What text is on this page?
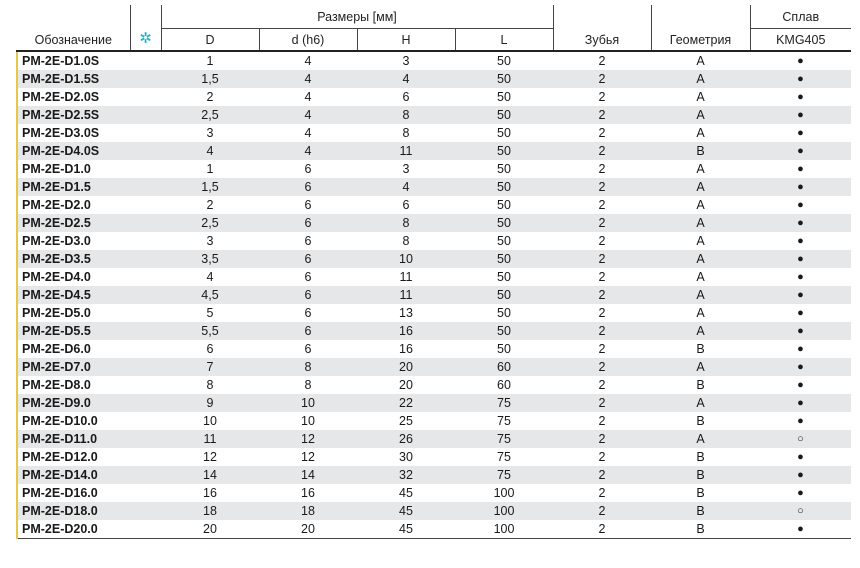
Обозначение	✲	Размеры [мм]				Зубья	Геометрия	Сплав
		D	d (h6)	H	L			KMG405
PM-2E-D1.0S		1	4	3	50	2	A	●
PM-2E-D1.5S		1,5	4	4	50	2	A	●
PM-2E-D2.0S		2	4	6	50	2	A	●
PM-2E-D2.5S		2,5	4	8	50	2	A	●
PM-2E-D3.0S		3	4	8	50	2	A	●
PM-2E-D4.0S		4	4	11	50	2	B	●
PM-2E-D1.0		1	6	3	50	2	A	●
PM-2E-D1.5		1,5	6	4	50	2	A	●
PM-2E-D2.0		2	6	6	50	2	A	●
PM-2E-D2.5		2,5	6	8	50	2	A	●
PM-2E-D3.0		3	6	8	50	2	A	●
PM-2E-D3.5		3,5	6	10	50	2	A	●
PM-2E-D4.0		4	6	11	50	2	A	●
PM-2E-D4.5		4,5	6	11	50	2	A	●
PM-2E-D5.0		5	6	13	50	2	A	●
PM-2E-D5.5		5,5	6	16	50	2	A	●
PM-2E-D6.0		6	6	16	50	2	B	●
PM-2E-D7.0		7	8	20	60	2	A	●
PM-2E-D8.0		8	8	20	60	2	B	●
PM-2E-D9.0		9	10	22	75	2	A	●
PM-2E-D10.0		10	10	25	75	2	B	●
PM-2E-D11.0		11	12	26	75	2	A	○
PM-2E-D12.0		12	12	30	75	2	B	●
PM-2E-D14.0		14	14	32	75	2	B	●
PM-2E-D16.0		16	16	45	100	2	B	●
PM-2E-D18.0		18	18	45	100	2	B	○
PM-2E-D20.0		20	20	45	100	2	B	●
